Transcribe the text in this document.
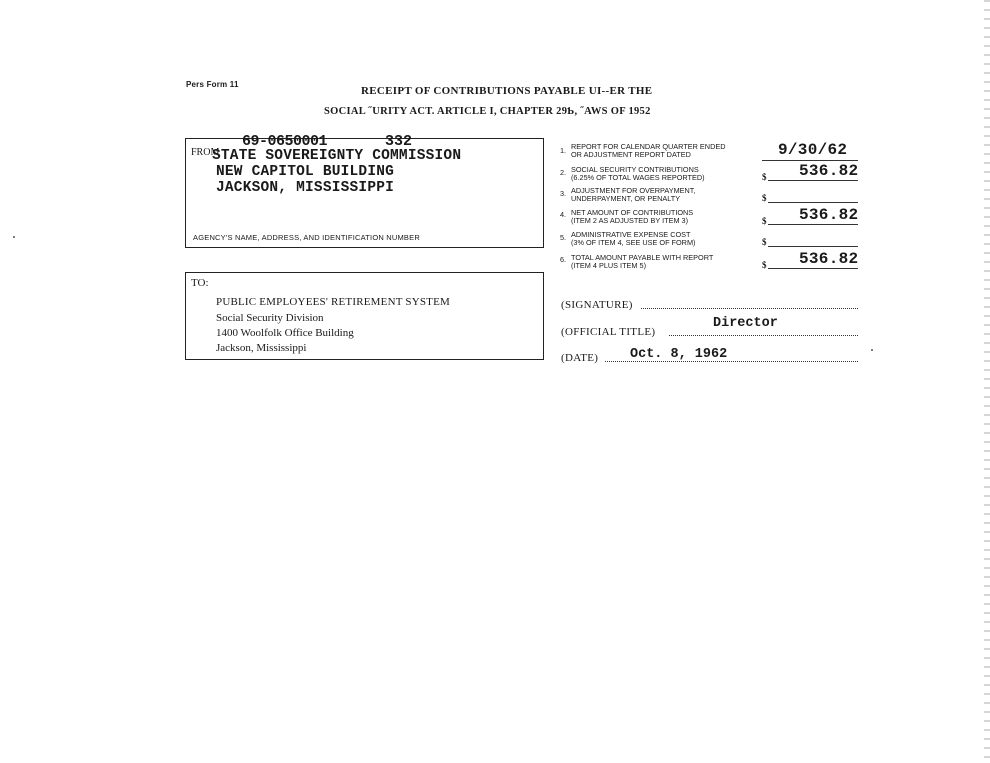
Pers Form 11
RECEIPT OF CONTRIBUTIONS PAYABLE UI‐‐ER THE
SOCIAL ˝URITY ACT. ARTICLE I, CHAPTER 29Ƅ, ˝AWS OF 1952
FROM
69-0650001	332
STATE SOVEREIGNTY COMMISSION
NEW CAPITOL BUILDING
JACKSON, MISSISSIPPI
AGENCY'S NAME, ADDRESS, AND IDENTIFICATION NUMBER
TO:
PUBLIC EMPLOYEES' RETIREMENT SYSTEM
Social Security Division
1400 Woolfolk Office Building
Jackson, Mississippi
1. REPORT FOR CALENDAR QUARTER ENDED
OR ADJUSTMENT REPORT DATED	9/30/62
2. SOCIAL SECURITY CONTRIBUTIONS
(6.25% OF TOTAL WAGES REPORTED)	$ 536.82
3. ADJUSTMENT FOR OVERPAYMENT,
UNDERPAYMENT, OR PENALTY	$
4. NET AMOUNT OF CONTRIBUTIONS
(ITEM 2 AS ADJUSTED BY ITEM 3)	$ 536.82
5. ADMINISTRATIVE EXPENSE COST
(3% OF ITEM 4, SEE USE OF FORM)	$
6. TOTAL AMOUNT PAYABLE WITH REPORT
(ITEM 4 PLUS ITEM 5)	$ 536.82
(SIGNATURE)
(OFFICIAL TITLE)
Director
(DATE) Oct. 8, 1962
